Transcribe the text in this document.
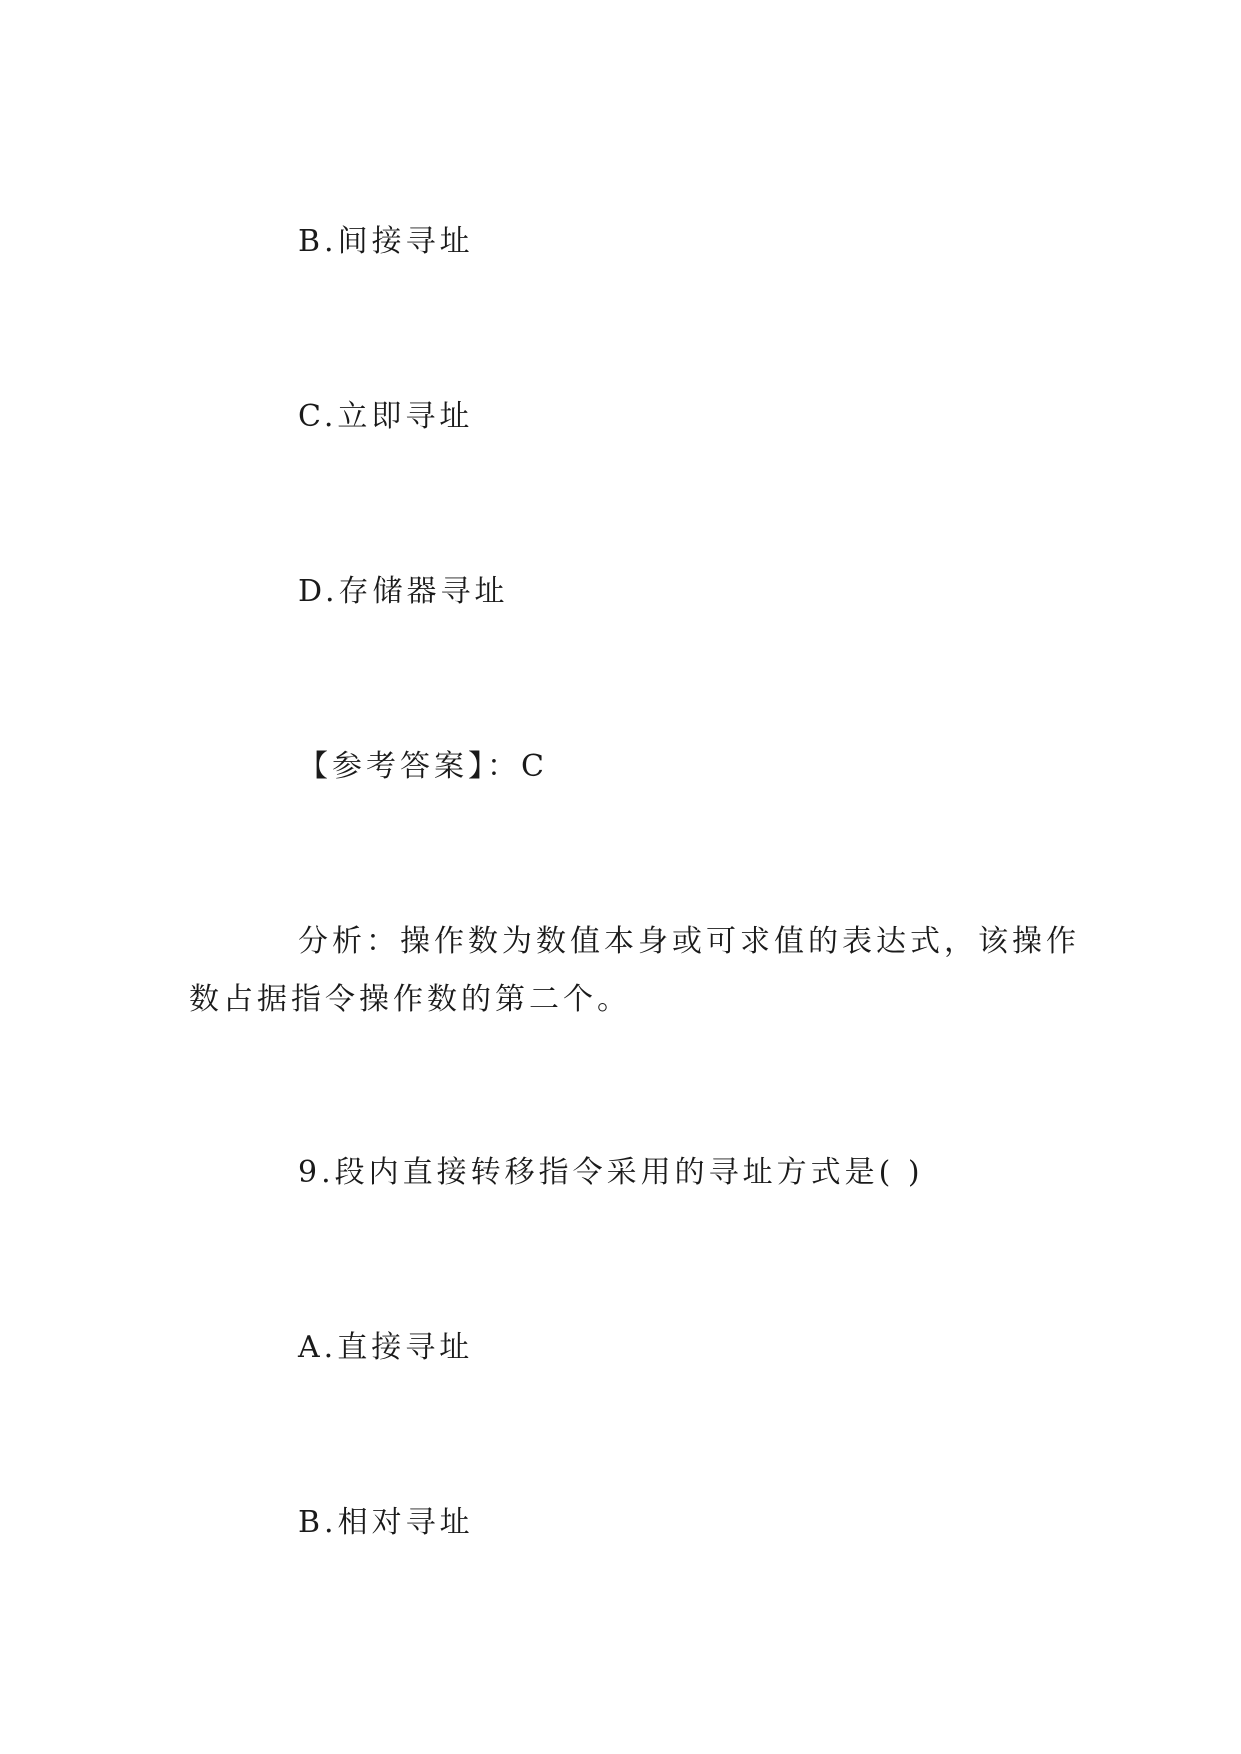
B.间接寻址
C.立即寻址
D.存储器寻址
【参考答案】：C
分析：操作数为数值本身或可求值的表达式，该操作
数占据指令操作数的第二个。
9.段内直接转移指令采用的寻址方式是( )
A.直接寻址
B.相对寻址
